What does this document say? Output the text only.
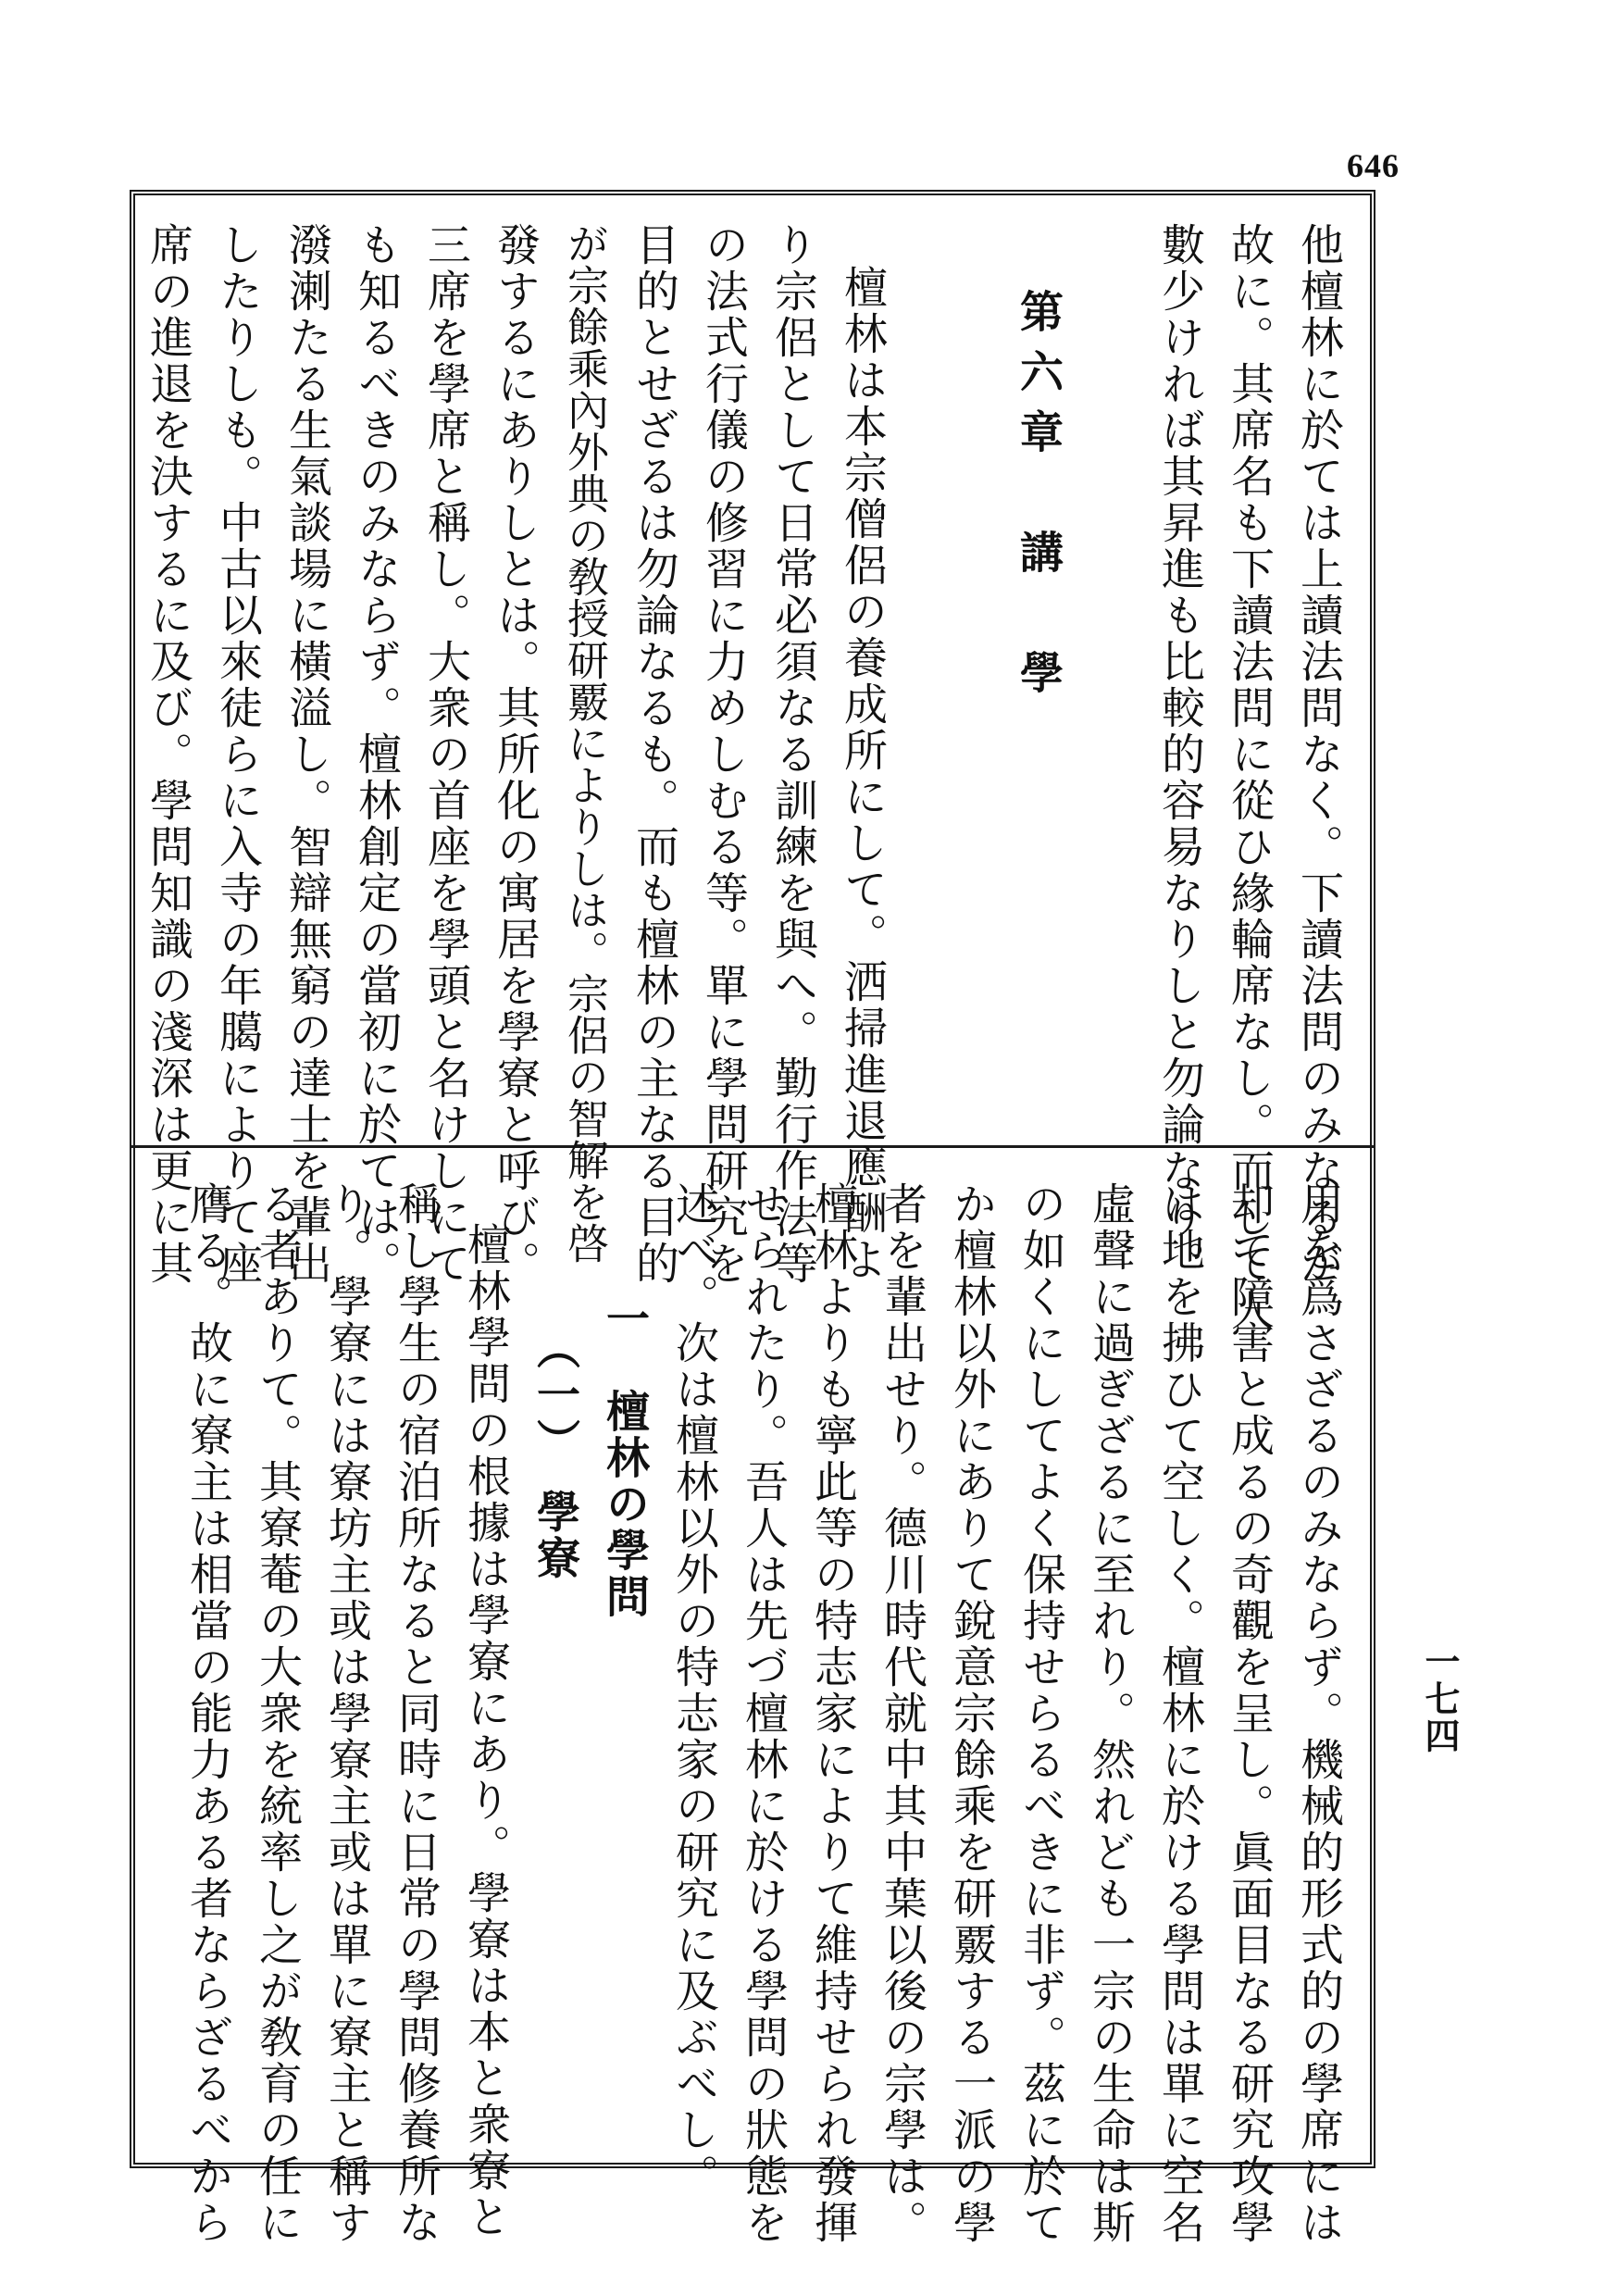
646
他檀林に於ては上讀法問なく。下讀法問のみなるが
故に。其席名も下讀法問に從ひ緣輪席なし。而して人
數少ければ其昇進も比較的容易なりしと勿論なり。
第六章　講　學
檀林は本宗僧侶の養成所にして。洒掃進退應酬よ
り宗侶として日常必須なる訓練を與へ。勤行作法等
の法式行儀の修習に力めしむる等。單に學問研究を
目的とせざるは勿論なるも。而も檀林の主なる目的
が宗餘乘內外典の敎授研覈によりしは。宗侶の智解を啓
發するにありしとは。其所化の寓居を學寮と呼び。
三席を學席と稱し。大衆の首座を學頭と名けしにて
も知るべきのみならず。檀林創定の當初に於ては。
潑溂たる生氣談場に橫溢し。智辯無窮の達士を輩出
したりしも。中古以來徒らに入寺の年臈によりて座
席の進退を決するに及び。學問知識の淺深は更に其
用を爲さざるのみならず。機械的形式的の學席には
却て障害と成るの奇觀を呈し。眞面目なる研究攻學
は地を拂ひて空しく。檀林に於ける學問は單に空名
虛聲に過ぎざるに至れり。然れども一宗の生命は斯
の如くにしてよく保持せらるべきに非ず。茲に於て
か檀林以外にありて銳意宗餘乘を研覈する一派の學
者を輩出せり。德川時代就中其中葉以後の宗學は。
檀林よりも寧此等の特志家によりて維持せられ發揮
せられたり。吾人は先づ檀林に於ける學問の狀態を
述べ。次は檀林以外の特志家の研究に及ぶべし。
一　檀林の學問
（一）　學寮
檀林學問の根據は學寮にあり。學寮は本と衆寮と
稱し學生の宿泊所なると同時に日常の學問修養所な
り。學寮には寮坊主或は學寮主或は單に寮主と稱す
る者ありて。其寮菴の大衆を統率し之が敎育の任に
膺る。故に寮主は相當の能力ある者ならざるべから	一七四
